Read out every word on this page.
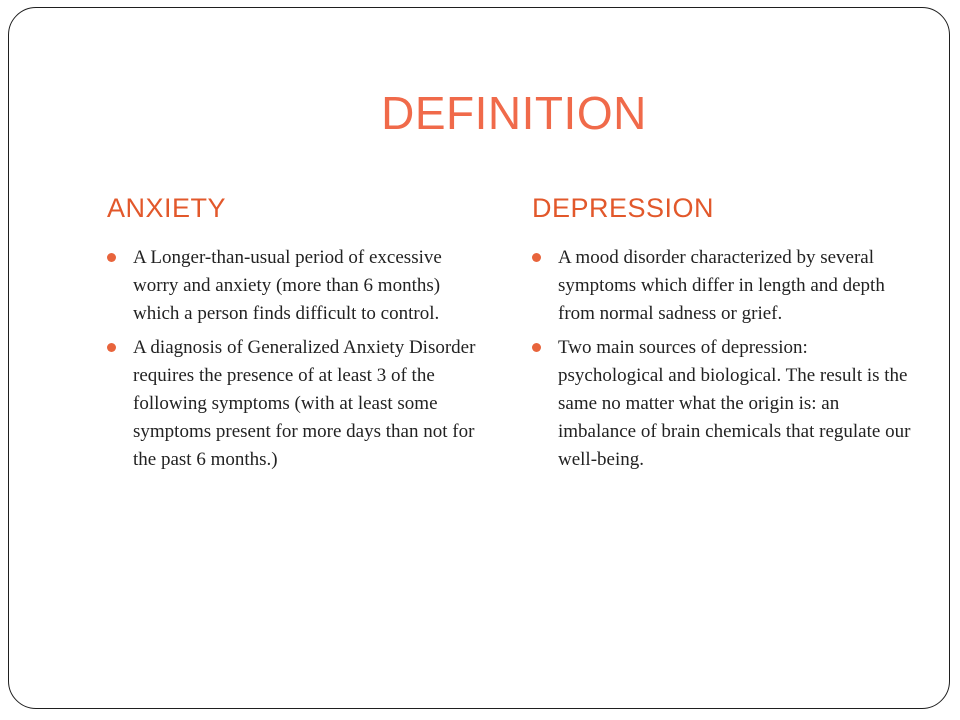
DEFINITION
ANXIETY	DEPRESSION
A Longer-than-usual period of excessive worry and anxiety (more than 6 months) which a person finds difficult to control.
A diagnosis of Generalized Anxiety Disorder requires the presence of at least 3 of the following symptoms (with at least some symptoms present for more days than not for the past 6 months.)
A mood disorder characterized by several symptoms which differ in length and depth from normal sadness or grief.
Two main sources of depression: psychological and biological. The result is the same no matter what the origin is: an imbalance of brain chemicals that regulate our well-being.
